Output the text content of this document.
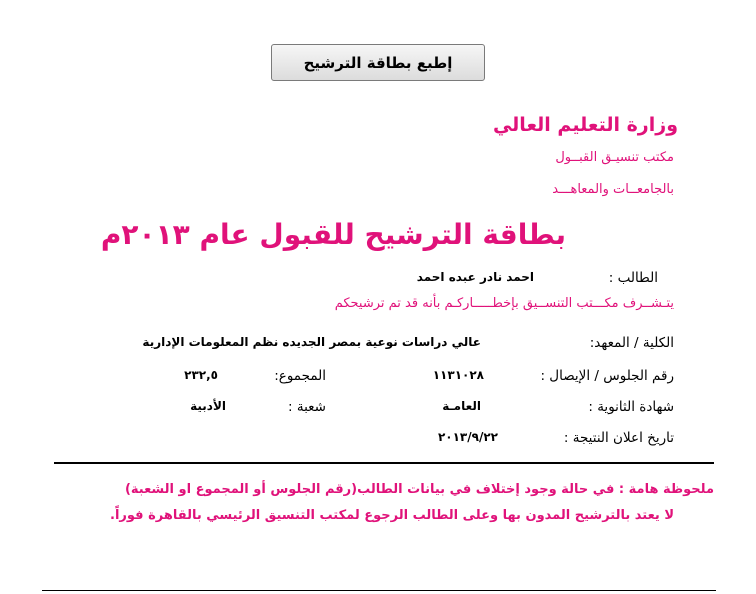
إطبع بطاقة الترشيح
وزارة التعليم العالي
مكتب تنسيـق القبــول
بالجامعــات والمعاهـــد
بطاقة الترشيح للقبول عام ٢٠١٣م
الطالب :
احمد نادر عبده احمد
يتـشــرف مكـــتب التنســيق بإخطـــــاركـم بأنه قد تم ترشيحكم
الكلية / المعهد:
عالي دراسات نوعية بمصر الجديده نظم المعلومات الإدارية
رقم الجلوس / الإيصال :
١١٣١٠٢٨
المجموع:
٢٣٢,٥
شهادة الثانوية :
العامـة
شعبة :
الأدبية
تاريخ اعلان النتيجة :
٢٠١٣/٩/٢٢
ملحوظة هامة : في حالة وجود إختلاف في بيانات الطالب(رقم الجلوس أو المجموع او الشعبة)
لا يعتد بالترشيح المدون بها وعلى الطالب الرجوع لمكتب التنسيق الرئيسي بالقاهرة فوراً.
